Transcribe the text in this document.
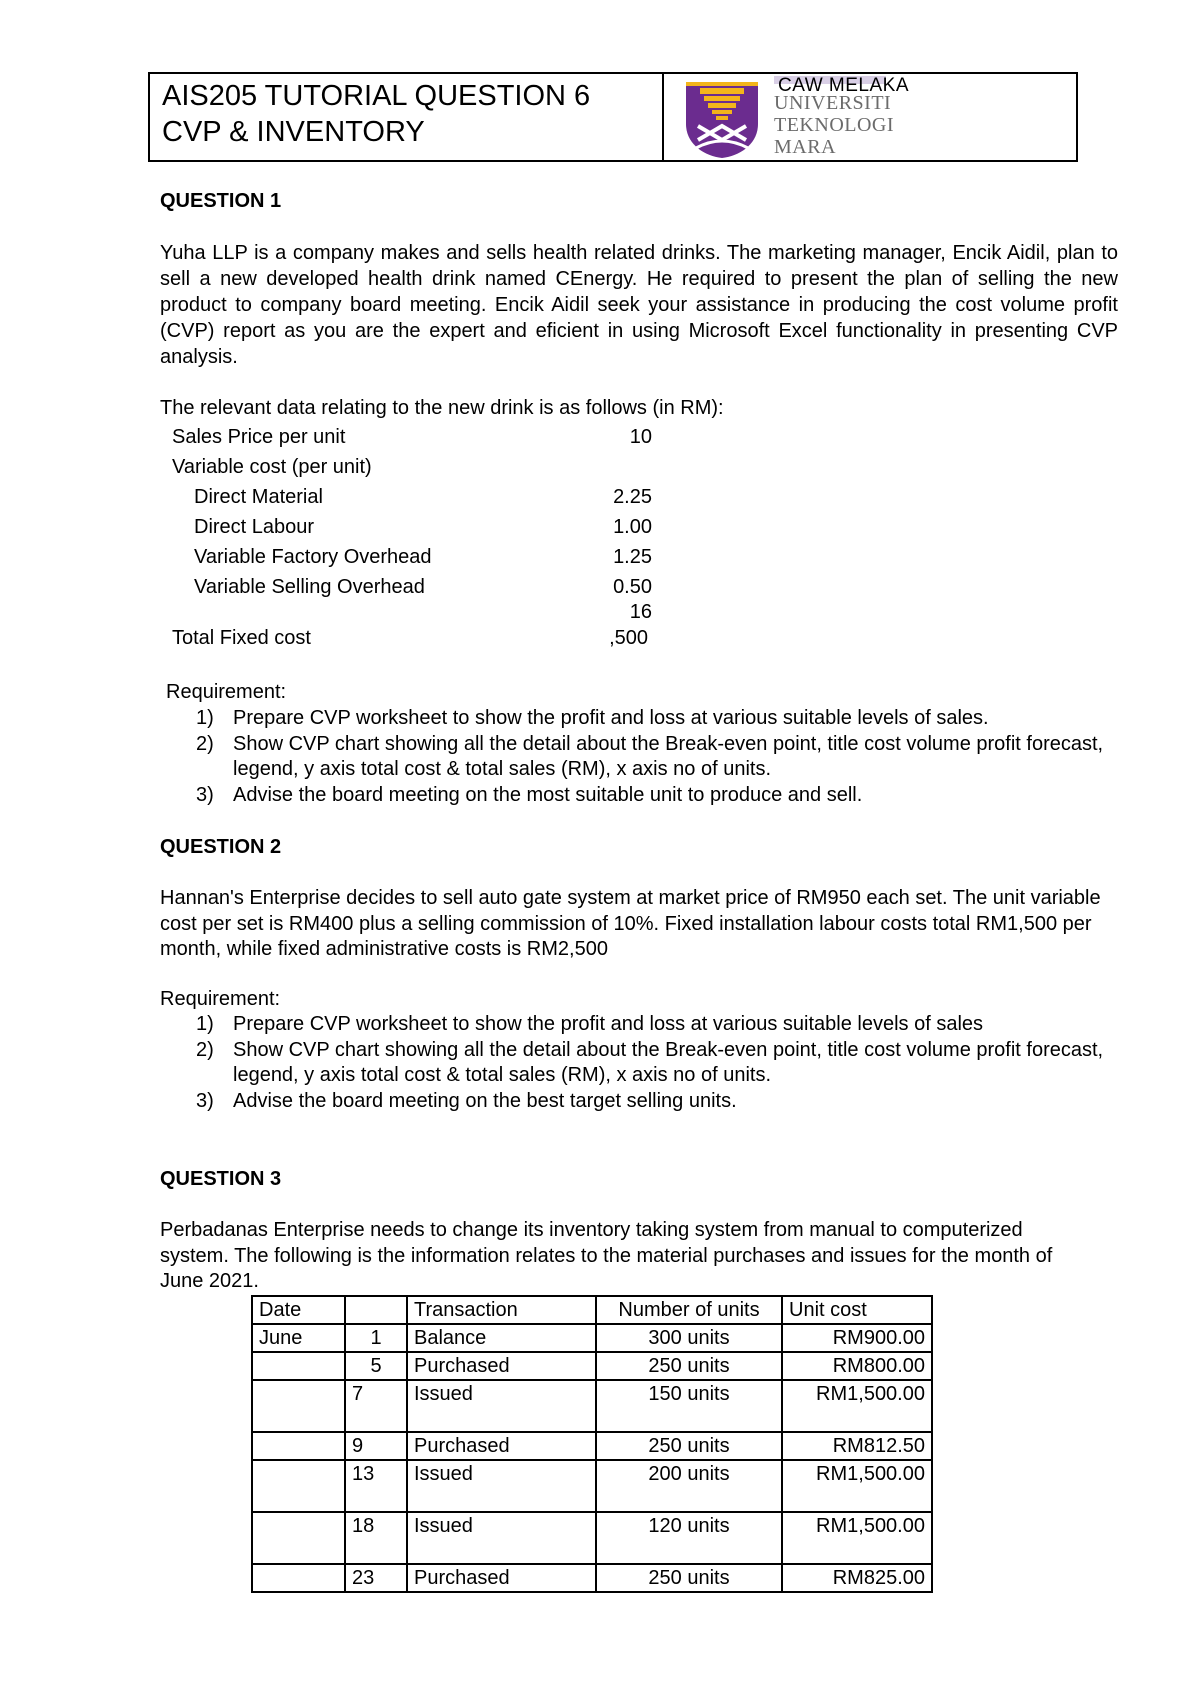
AIS205 TUTORIAL QUESTION 6
CVP & INVENTORY
CAW MELAKA
UNIVERSITI
TEKNOLOGI
MARA
QUESTION 1
Yuha LLP is a company makes and sells health related drinks. The marketing manager, Encik Aidil, plan to sell a new developed health drink named CEnergy. He required to present the plan of selling the new product to company board meeting. Encik Aidil seek your assistance in producing the cost volume profit (CVP) report as you are the expert and eficient in using Microsoft Excel functionality in presenting CVP analysis.
The relevant data relating to the new drink is as follows (in RM):
Sales Price per unit	10
Variable cost (per unit)
Direct Material	2.25
Direct Labour	1.00
Variable Factory Overhead	1.25
Variable Selling Overhead	0.50
16
Total Fixed cost	,500
Requirement:
1) Prepare CVP worksheet to show the profit and loss at various suitable levels of sales.
2) Show CVP chart showing all the detail about the Break-even point, title cost volume profit forecast, legend, y axis total cost & total sales (RM), x axis no of units.
3) Advise the board meeting on the most suitable unit to produce and sell.
QUESTION 2
Hannan's Enterprise decides to sell auto gate system at market price of RM950 each set. The unit variable cost per set is RM400 plus a selling commission of 10%. Fixed installation labour costs total RM1,500 per month, while fixed administrative costs is RM2,500
Requirement:
1) Prepare CVP worksheet to show the profit and loss at various suitable levels of sales
2) Show CVP chart showing all the detail about the Break-even point, title cost volume profit forecast, legend, y axis total cost & total sales (RM), x axis no of units.
3) Advise the board meeting on the best target selling units.
QUESTION 3
Perbadanas Enterprise needs to change its inventory taking system from manual to computerized system. The following is the information relates to the material purchases and issues for the month of June 2021.
Date		Transaction	Number of units	Unit cost
June	1	Balance	300 units	RM900.00
	5	Purchased	250 units	RM800.00
	7	Issued	150 units	RM1,500.00
	9	Purchased	250 units	RM812.50
	13	Issued	200 units	RM1,500.00
	18	Issued	120 units	RM1,500.00
	23	Purchased	250 units	RM825.00
